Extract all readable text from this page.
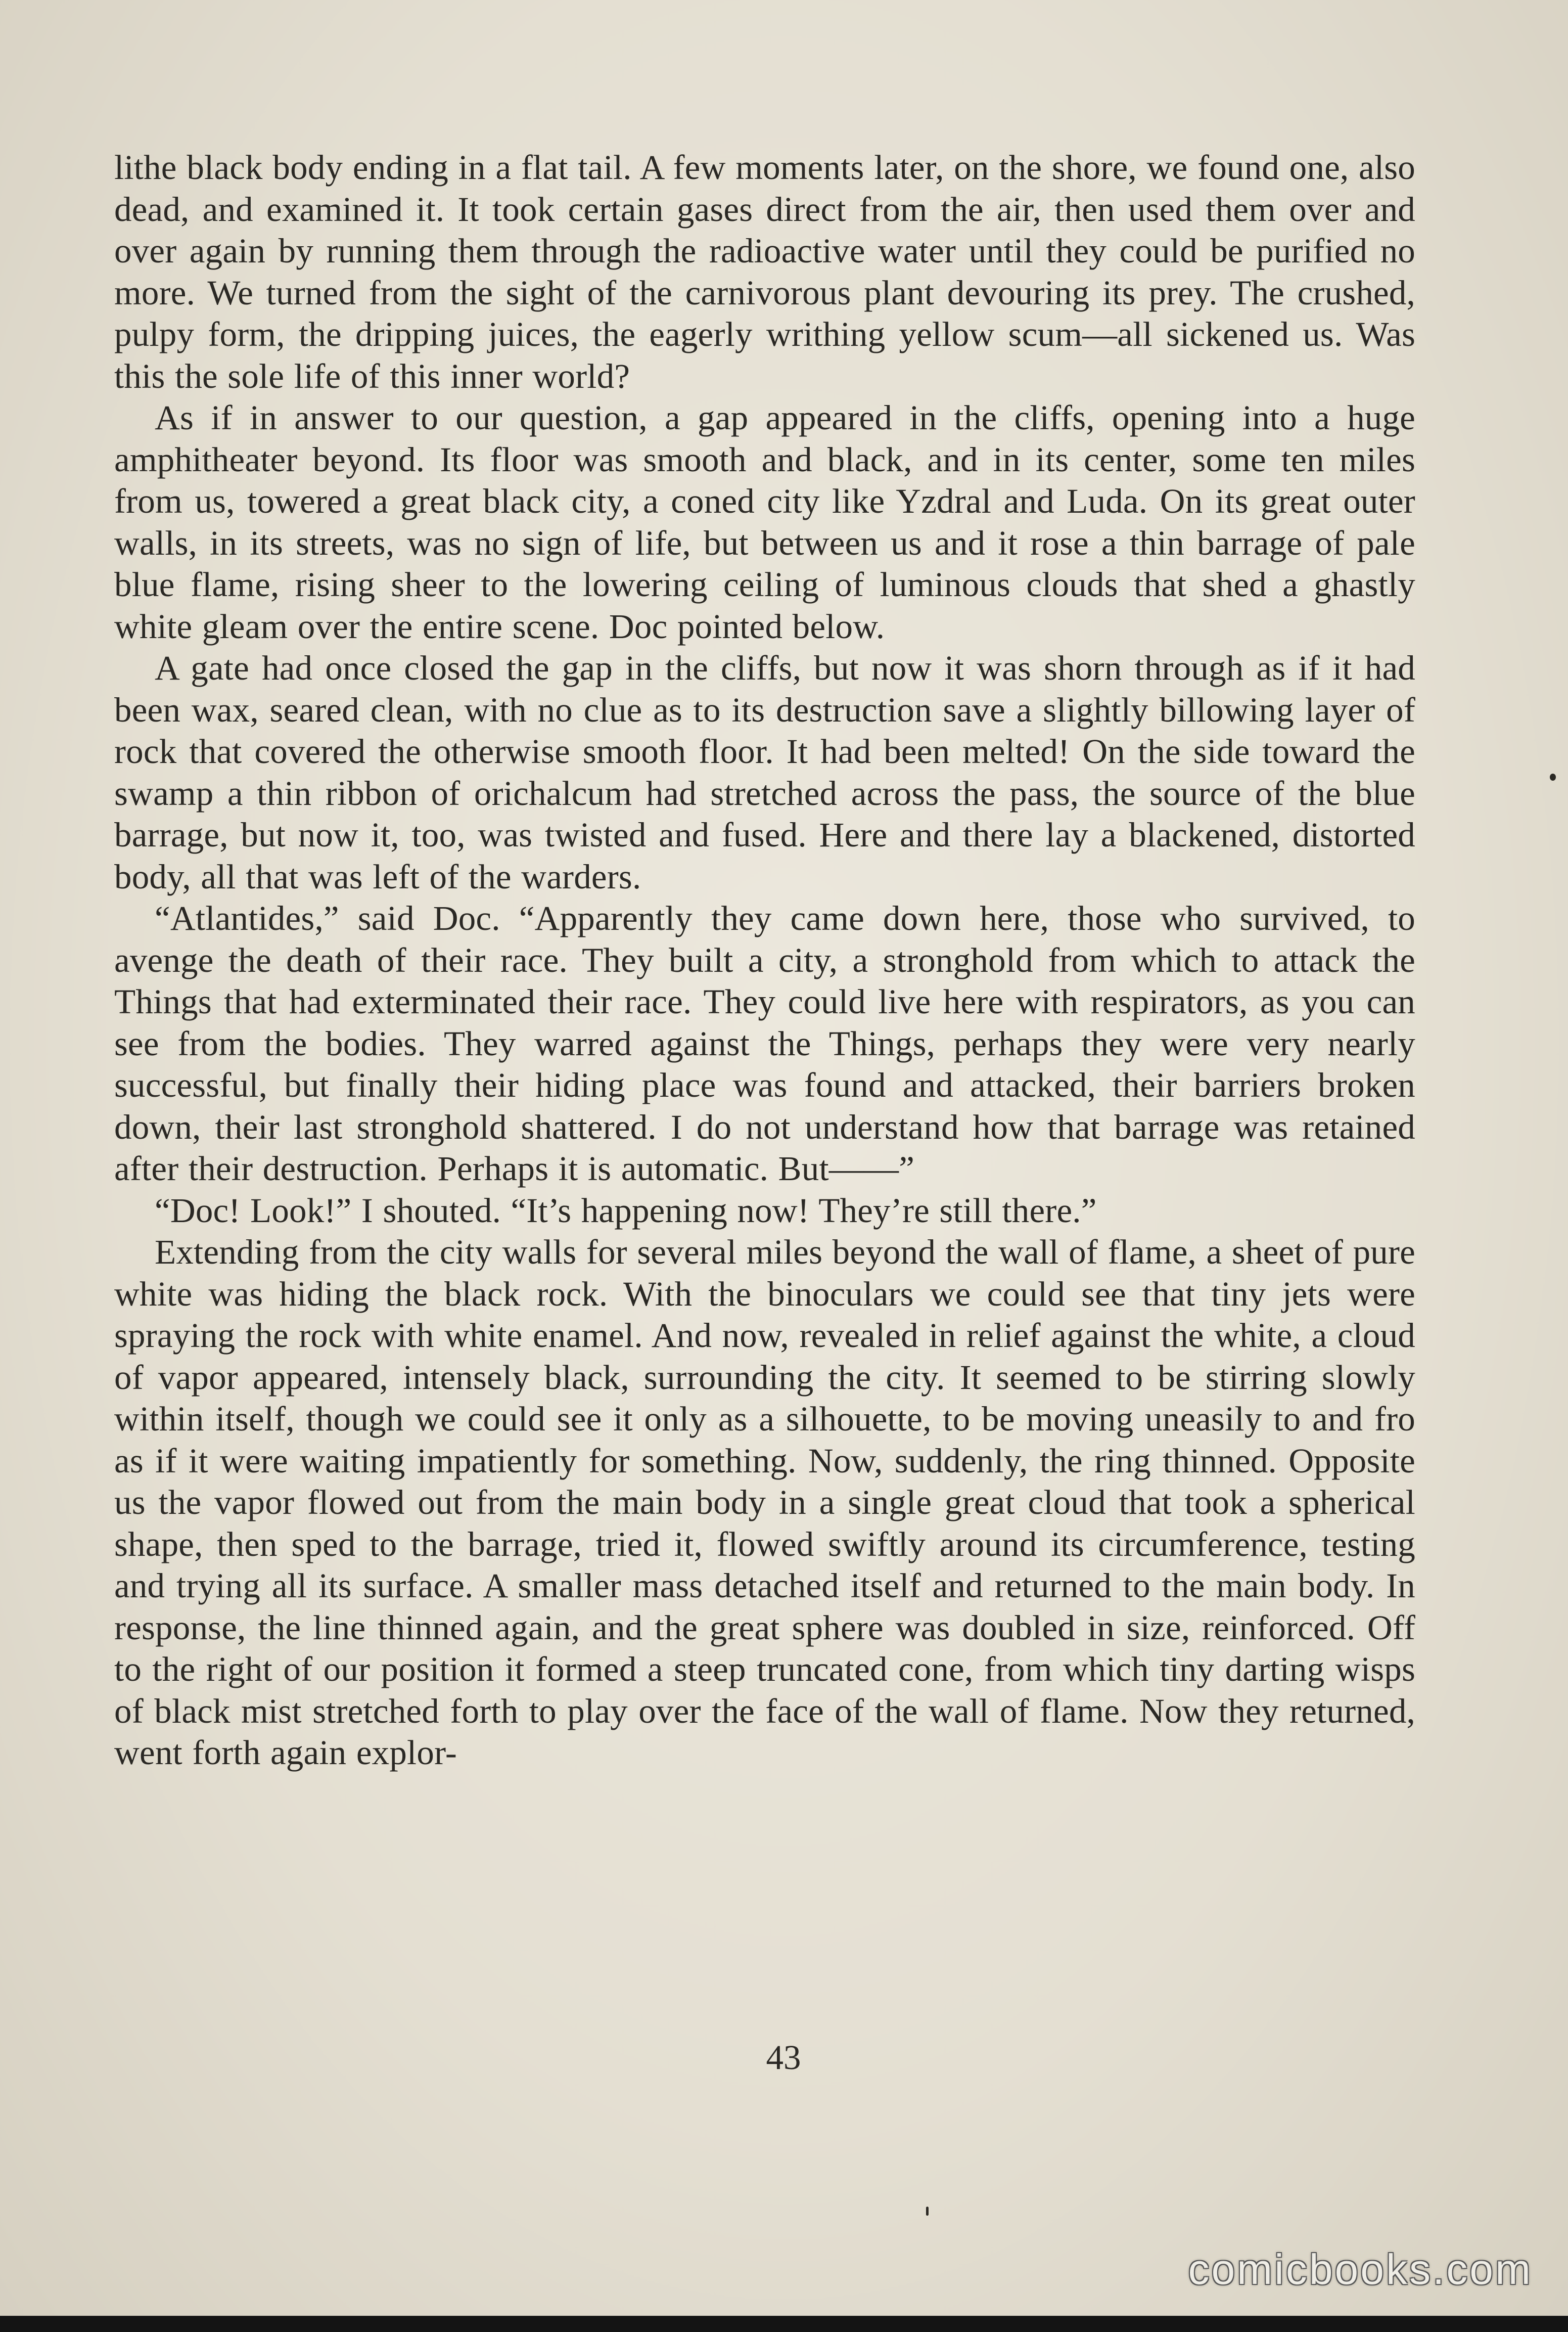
lithe black body ending in a flat tail. A few moments later, on the shore, we found one, also dead, and examined it. It took certain gases direct from the air, then used them over and over again by running them through the radioactive water until they could be purified no more. We turned from the sight of the carnivorous plant devouring its prey. The crushed, pulpy form, the dripping juices, the eagerly writhing yellow scum—all sickened us. Was this the sole life of this inner world?

As if in answer to our question, a gap appeared in the cliffs, opening into a huge amphitheater beyond. Its floor was smooth and black, and in its center, some ten miles from us, towered a great black city, a coned city like Yzdral and Luda. On its great outer walls, in its streets, was no sign of life, but between us and it rose a thin barrage of pale blue flame, rising sheer to the lowering ceiling of luminous clouds that shed a ghastly white gleam over the entire scene. Doc pointed below.

A gate had once closed the gap in the cliffs, but now it was shorn through as if it had been wax, seared clean, with no clue as to its destruction save a slightly billowing layer of rock that covered the otherwise smooth floor. It had been melted! On the side toward the swamp a thin ribbon of orichalcum had stretched across the pass, the source of the blue barrage, but now it, too, was twisted and fused. Here and there lay a blackened, distorted body, all that was left of the warders.

“Atlantides,” said Doc. “Apparently they came down here, those who survived, to avenge the death of their race. They built a city, a stronghold from which to attack the Things that had exterminated their race. They could live here with respirators, as you can see from the bodies. They warred against the Things, perhaps they were very nearly successful, but finally their hiding place was found and attacked, their barriers broken down, their last stronghold shattered. I do not understand how that barrage was retained after their destruction. Perhaps it is automatic. But——”

“Doc! Look!” I shouted. “It’s happening now! They’re still there.”

Extending from the city walls for several miles beyond the wall of flame, a sheet of pure white was hiding the black rock. With the binoculars we could see that tiny jets were spraying the rock with white enamel. And now, revealed in relief against the white, a cloud of vapor appeared, intensely black, surrounding the city. It seemed to be stirring slowly within itself, though we could see it only as a silhouette, to be moving uneasily to and fro as if it were waiting impatiently for something. Now, suddenly, the ring thinned. Opposite us the vapor flowed out from the main body in a single great cloud that took a spherical shape, then sped to the barrage, tried it, flowed swiftly around its circumference, testing and trying all its surface. A smaller mass detached itself and returned to the main body. In response, the line thinned again, and the great sphere was doubled in size, reinforced. Off to the right of our position it formed a steep truncated cone, from which tiny darting wisps of black mist stretched forth to play over the face of the wall of flame. Now they returned, went forth again explor-

43
comicbooks.com
